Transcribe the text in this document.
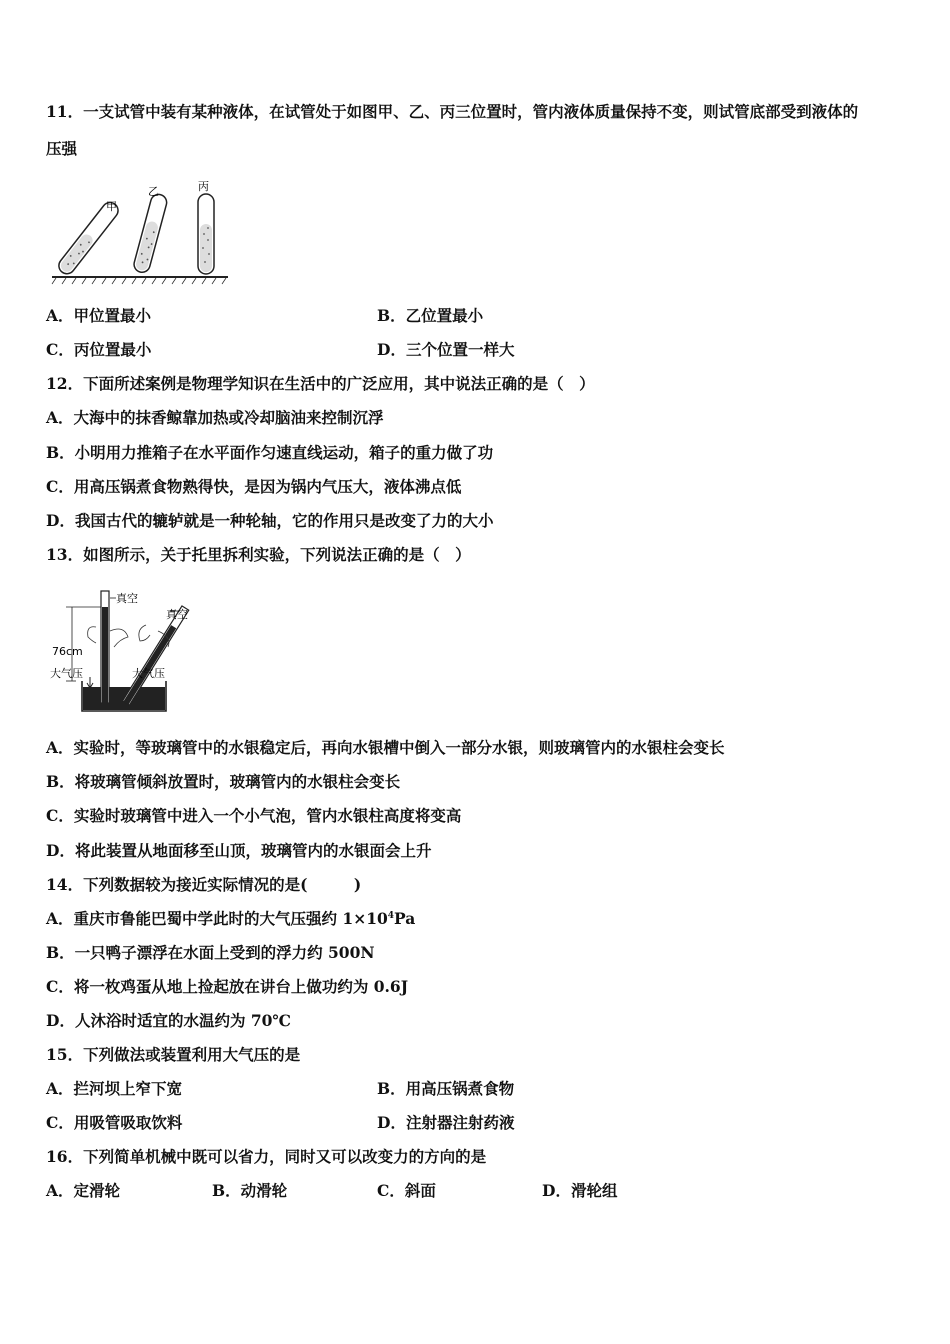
11．一支试管中装有某种液体，在试管处于如图甲、乙、丙三位置时，管内液体质量保持不变，则试管底部受到液体的
压强
甲
乙	丙
A．甲位置最小	B．乙位置最小
C．丙位置最小	D．三个位置一样大
12．下面所述案例是物理学知识在生活中的广泛应用，其中说法正确的是（　）
A．大海中的抹香鲸靠加热或冷却脑油来控制沉浮
B．小明用力推箱子在水平面作匀速直线运动，箱子的重力做了功
C．用高压锅煮食物熟得快，是因为锅内气压大，液体沸点低
D．我国古代的辘轳就是一种轮轴，它的作用只是改变了力的大小
13．如图所示，关于托里拆利实验，下列说法正确的是（　）
76cm
真空
真空
大气压	大气压
A．实验时，等玻璃管中的水银稳定后，再向水银槽中倒入一部分水银，则玻璃管内的水银柱会变长
B．将玻璃管倾斜放置时，玻璃管内的水银柱会变长
C．实验时玻璃管中进入一个小气泡，管内水银柱高度将变高
D．将此装置从地面移至山顶，玻璃管内的水银面会上升
14．下列数据较为接近实际情况的是(　　　)
A．重庆市鲁能巴蜀中学此时的大气压强约 $1\times 10^4Pa$
B．一只鸭子漂浮在水面上受到的浮力约 500N
C．将一枚鸡蛋从地上捡起放在讲台上做功约为 0.6J
D．人沐浴时适宜的水温约为 70℃
15．下列做法或装置利用大气压的是
A．拦河坝上窄下宽	B．用高压锅煮食物
C．用吸管吸取饮料	D．注射器注射药液
16．下列简单机械中既可以省力，同时又可以改变力的方向的是
A．定滑轮	B．动滑轮	C．斜面	D．滑轮组
